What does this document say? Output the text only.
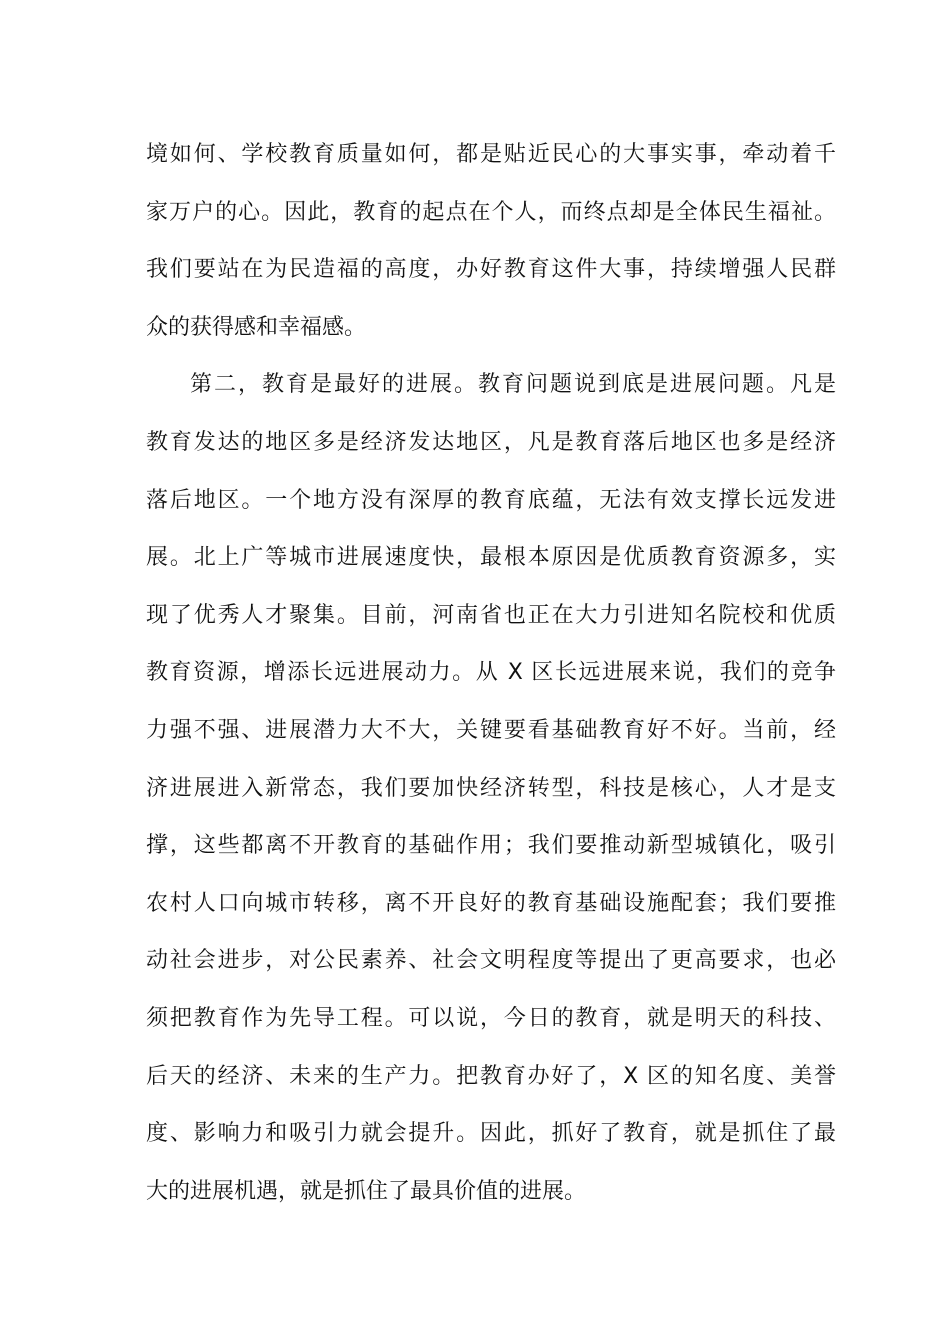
境如何、学校教育质量如何，都是贴近民心的大事实事，牵动着千
家万户的心。因此，教育的起点在个人，而终点却是全体民生福祉。
我们要站在为民造福的高度，办好教育这件大事，持续增强人民群
众的获得感和幸福感。
第二，教育是最好的进展。教育问题说到底是进展问题。凡是
教育发达的地区多是经济发达地区，凡是教育落后地区也多是经济
落后地区。一个地方没有深厚的教育底蕴，无法有效支撑长远发进
展。北上广等城市进展速度快，最根本原因是优质教育资源多，实
现了优秀人才聚集。目前，河南省也正在大力引进知名院校和优质
教育资源，增添长远进展动力。从 X 区长远进展来说，我们的竞争
力强不强、进展潜力大不大，关键要看基础教育好不好。当前，经
济进展进入新常态，我们要加快经济转型，科技是核心，人才是支
撑，这些都离不开教育的基础作用；我们要推动新型城镇化，吸引
农村人口向城市转移，离不开良好的教育基础设施配套；我们要推
动社会进步，对公民素养、社会文明程度等提出了更高要求，也必
须把教育作为先导工程。可以说，今日的教育，就是明天的科技、
后天的经济、未来的生产力。把教育办好了，X 区的知名度、美誉
度、影响力和吸引力就会提升。因此，抓好了教育，就是抓住了最
大的进展机遇，就是抓住了最具价值的进展。
